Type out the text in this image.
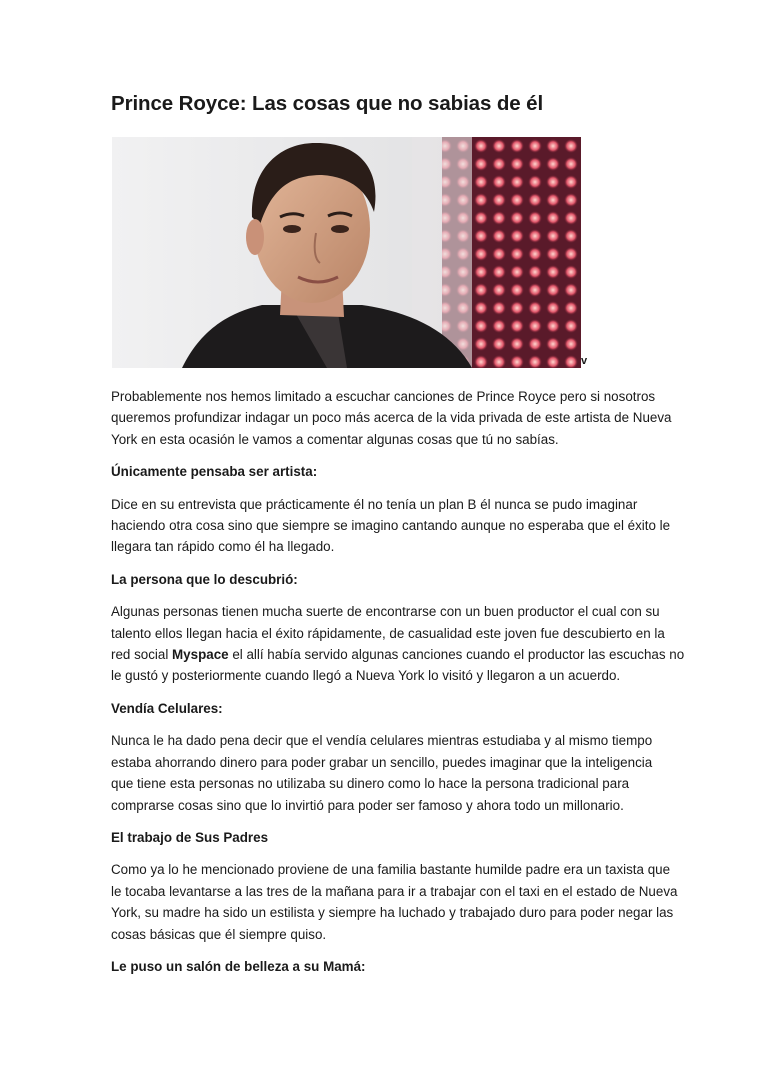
Prince Royce: Las cosas que no sabias de él
v

Probablemente nos hemos limitado a escuchar canciones de Prince Royce pero si nosotros
queremos profundizar indagar un poco más acerca de la vida privada de este artista de Nueva
York en esta ocasión le vamos a comentar algunas cosas que tú no sabías.

Únicamente pensaba ser artista:

Dice en su entrevista que prácticamente él no tenía un plan B él nunca se pudo imaginar
haciendo otra cosa sino que siempre se imagino cantando aunque no esperaba que el éxito le
llegara tan rápido como él ha llegado.

La persona que lo descubrió:

Algunas personas tienen mucha suerte de encontrarse con un buen productor el cual con su
talento ellos llegan hacia el éxito rápidamente, de casualidad este joven fue descubierto en la
red social Myspace el allí había servido algunas canciones cuando el productor las escuchas no
le gustó y posteriormente cuando llegó a Nueva York lo visitó y llegaron a un acuerdo.

Vendía Celulares:

Nunca le ha dado pena decir que el vendía celulares mientras estudiaba y al mismo tiempo
estaba ahorrando dinero para poder grabar un sencillo, puedes imaginar que la inteligencia
que tiene esta personas no utilizaba su dinero como lo hace la persona tradicional para
comprarse cosas sino que lo invirtió para poder ser famoso y ahora todo un millonario.

El trabajo de Sus Padres

Como ya lo he mencionado proviene de una familia bastante humilde padre era un taxista que
le tocaba levantarse a las tres de la mañana para ir a trabajar con el taxi en el estado de Nueva
York, su madre ha sido un estilista y siempre ha luchado y trabajado duro para poder negar las
cosas básicas que él siempre quiso.

Le puso un salón de belleza a su Mamá:
